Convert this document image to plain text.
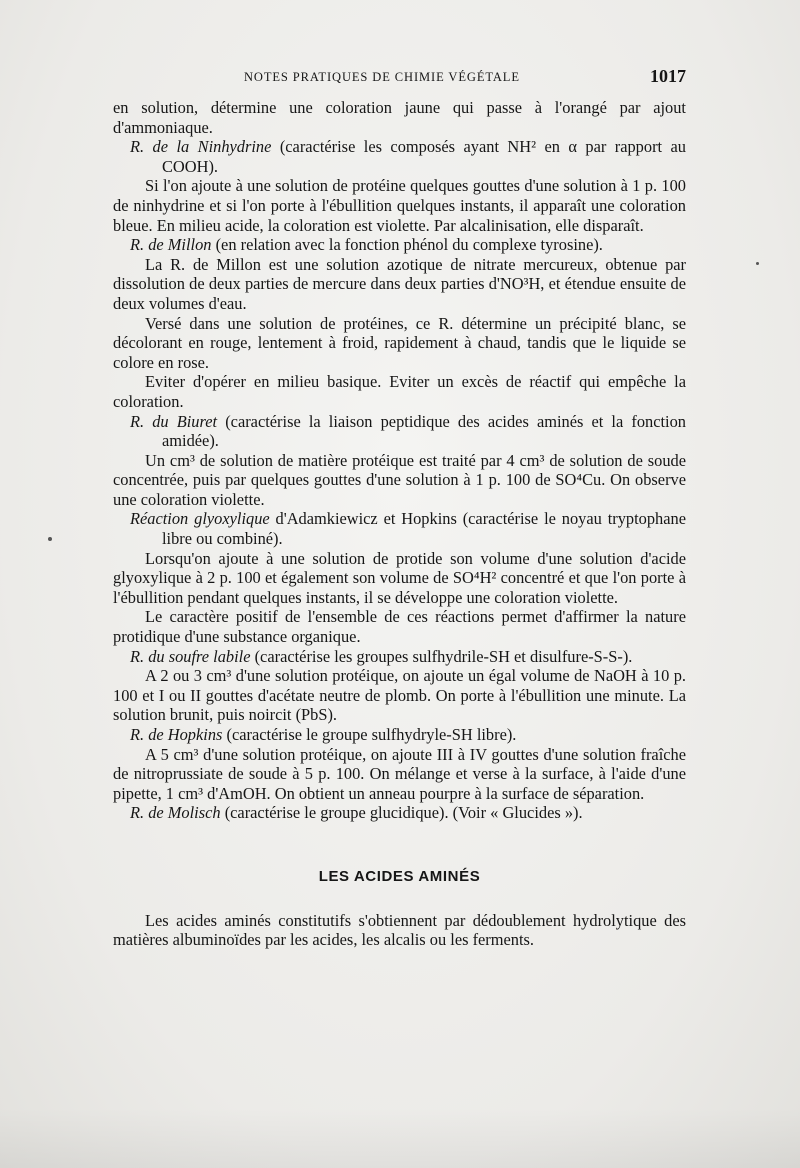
NOTES PRATIQUES DE CHIMIE VÉGÉTALE	1017

en solution, détermine une coloration jaune qui passe à l'orangé par ajout d'ammoniaque.

R. de la Ninhydrine (caractérise les composés ayant NH² en α par rapport au COOH).

Si l'on ajoute à une solution de protéine quelques gouttes d'une solution à 1 p. 100 de ninhydrine et si l'on porte à l'ébullition quelques instants, il apparaît une coloration bleue. En milieu acide, la coloration est violette. Par alcalinisation, elle disparaît.

R. de Millon (en relation avec la fonction phénol du complexe tyrosine).

La R. de Millon est une solution azotique de nitrate mercureux, obtenue par dissolution de deux parties de mercure dans deux parties d'NO³H, et étendue ensuite de deux volumes d'eau.

Versé dans une solution de protéines, ce R. détermine un précipité blanc, se décolorant en rouge, lentement à froid, rapidement à chaud, tandis que le liquide se colore en rose.

Eviter d'opérer en milieu basique. Eviter un excès de réactif qui empêche la coloration.

R. du Biuret (caractérise la liaison peptidique des acides aminés et la fonction amidée).

Un cm³ de solution de matière protéique est traité par 4 cm³ de solution de soude concentrée, puis par quelques gouttes d'une solution à 1 p. 100 de SO⁴Cu. On observe une coloration violette.

Réaction glyoxylique d'Adamkiewicz et Hopkins (caractérise le noyau tryptophane libre ou combiné).

Lorsqu'on ajoute à une solution de protide son volume d'une solution d'acide glyoxylique à 2 p. 100 et également son volume de SO⁴H² concentré et que l'on porte à l'ébullition pendant quelques instants, il se développe une coloration violette.

Le caractère positif de l'ensemble de ces réactions permet d'affirmer la nature protidique d'une substance organique.

R. du soufre labile (caractérise les groupes sulfhydrile-SH et disulfure-S-S-).

A 2 ou 3 cm³ d'une solution protéique, on ajoute un égal volume de NaOH à 10 p. 100 et I ou II gouttes d'acétate neutre de plomb. On porte à l'ébullition une minute. La solution brunit, puis noircit (PbS).

R. de Hopkins (caractérise le groupe sulfhydryle-SH libre).

A 5 cm³ d'une solution protéique, on ajoute III à IV gouttes d'une solution fraîche de nitroprussiate de soude à 5 p. 100. On mélange et verse à la surface, à l'aide d'une pipette, 1 cm³ d'AmOH. On obtient un anneau pourpre à la surface de séparation.

R. de Molisch (caractérise le groupe glucidique). (Voir « Glucides »).

LES ACIDES AMINÉS

Les acides aminés constitutifs s'obtiennent par dédoublement hydrolytique des matières albuminoïdes par les acides, les alcalis ou les ferments.
